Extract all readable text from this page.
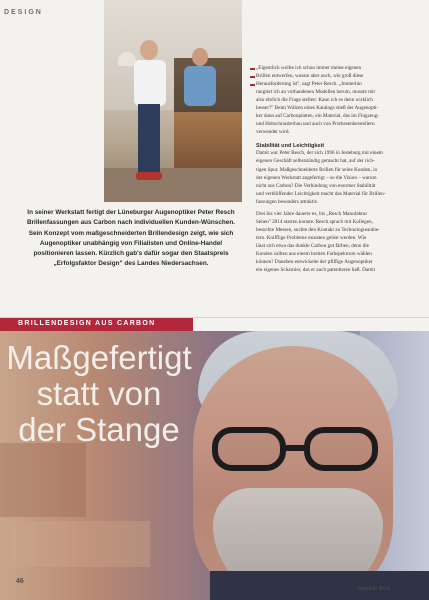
DESIGN
In seiner Werkstatt fertigt der Lüneburger Augenoptiker Peter Resch
Brillenfassungen aus Carbon nach individuellen Kunden-Wünschen.
Sein Konzept vom maßgeschneiderten Brillendesign zeigt, wie sich
Augenoptiker unabhängig von Filialisten und Online-Handel
positionieren lassen. Kürzlich gab's dafür sogar den Staatspreis
„Erfolgsfaktor Design" des Landes Niedersachsen.
„Eigentlich wollte ich schon immer meine eigenen
Brillen entwerfen, wusste aber auch, wie groß diese
Herausforderung ist", sagt Peter Resch. „Immerhin
rangiert ich an vorhandenen Modellen herum, musste mir
also ehrlich die Frage stellen: Kann ich es denn wirklich
besser?" Beim Wälzen eines Katalogs stieß der Augenopti-
ker dann auf Carbonplatten, ein Material, das im Flugzeug-
und Hubschrauberbau und auch von Prothesenherstellern
verwendet wird.
Stabilität und Leichtigkeit
Damit war Peter Resch, der sich 1996 in Jesteburg mit einem
eigenen Geschäft selbstständig gemacht hat, auf der rich-
tigen Spur. Maßgeschneiderte Brillen für seine Kunden, in
der eigenen Werkstatt angefertigt – so die Vision – warum
nicht aus Carbon? Die Verbindung von enormer Stabilität
und verblüffender Leichtigkeit macht das Material für Brillen-
fassungen besonders attraktiv.
Drei bis vier Jahre dauerte es, bis „Resch Manufaktur
Sehen" 2014 starten konnte. Resch sprach mit Kollegen,
besuchte Messen, suchte den Kontakt zu Technologieanbie-
tern. Knifflige Probleme mussten gelöst werden. Wie
lässt sich etwa das dunkle Carbon gut färben, denn die
Kunden sollten aus einem breiten Farbspektrum wählen
können? Daneben entwickelte der pfiffige Augenoptiker
ein eigenes Scharnier, das er auch patentieren ließ. Damit
BRILLENDESIGN AUS CARBON
Maßgefertigt
statt von
der Stange
46
markt in Nord
